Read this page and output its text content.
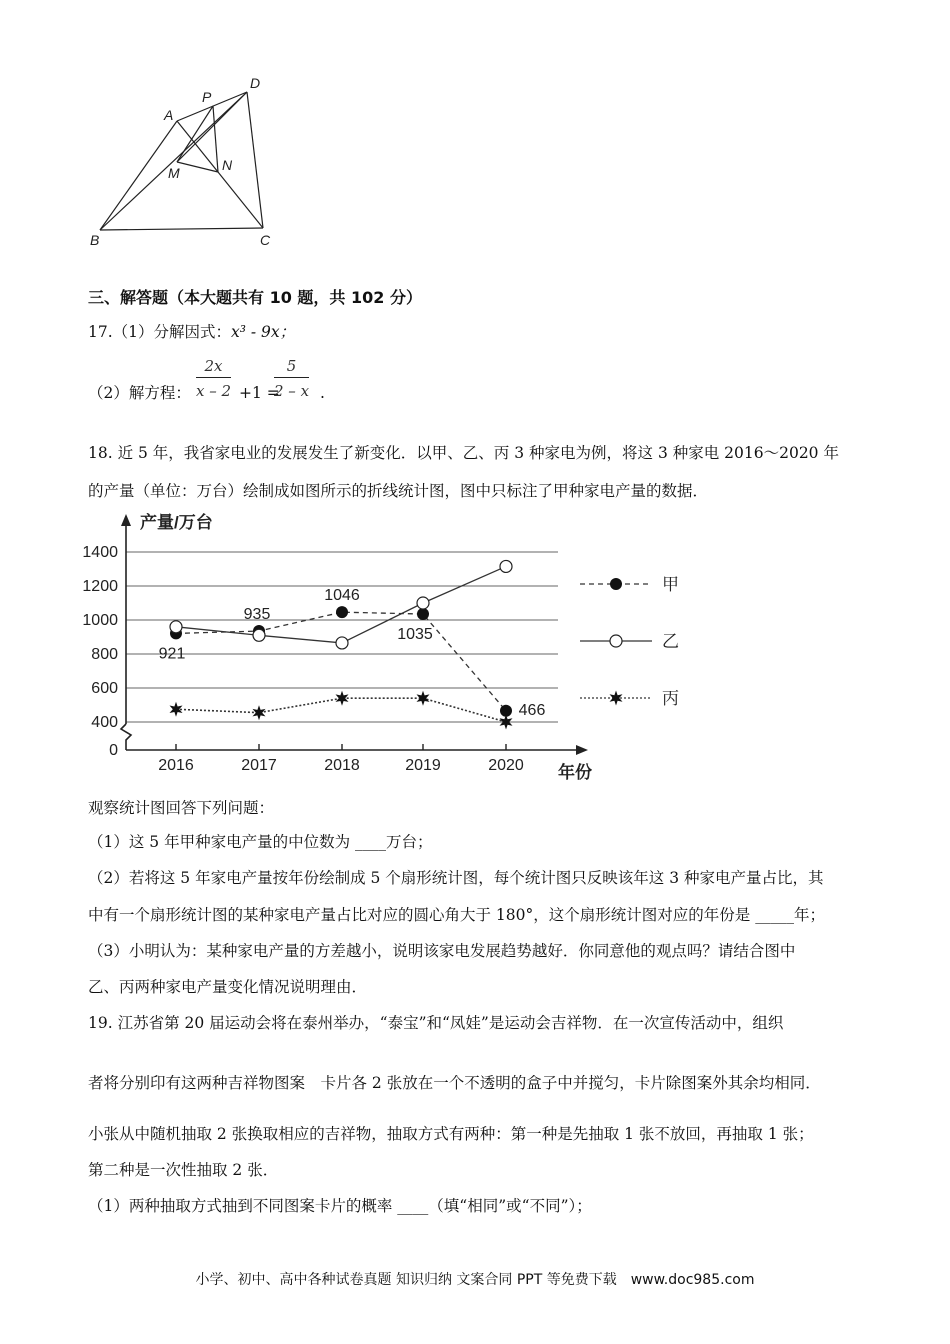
A
P
D
M	N
B	C
三、解答题（本大题共有 10 题，共 102 分）
17.（1）分解因式：x³ - 9x；
（2）解方程： $\frac{2x}{x - 2} +1$ =
$\frac{5}{2 - x}$ .
18. 近 5 年，我省家电业的发展发生了新变化．以甲、乙、丙 3 种家电为例，将这 3 种家电 2016～2020 年
的产量（单位：万台）绘制成如图所示的折线统计图，图中只标注了甲种家电产量的数据．
0
400
600
800
1000
1200
1400
2016	2017	2018	2019	2020
产量/万台
年份
921
935
1046
1035
466
甲
乙
丙
观察统计图回答下列问题：
（1）这 5 年甲种家电产量的中位数为 ____万台；
（2）若将这 5 年家电产量按年份绘制成 5 个扇形统计图，每个统计图只反映该年这 3 种家电产量占比，其
中有一个扇形统计图的某种家电产量占比对应的圆心角大于 180°，这个扇形统计图对应的年份是 _____年；
（3）小明认为：某种家电产量的方差越小，说明该家电发展趋势越好．你同意他的观点吗？请结合图中
乙、丙两种家电产量变化情况说明理由．
19. 江苏省第 20 届运动会将在泰州举办，“泰宝”和“凤娃”是运动会吉祥物．在一次宣传活动中，组织
者将分别印有这两种吉祥物图案　卡片各 2 张放在一个不透明的盒子中并搅匀，卡片除图案外其余均相同．
小张从中随机抽取 2 张换取相应的吉祥物，抽取方式有两种：第一种是先抽取 1 张不放回，再抽取 1 张；
第二种是一次性抽取 2 张．
（1）两种抽取方式抽到不同图案卡片的概率 ____（填“相同”或“不同”）；
小学、初中、高中各种试卷真题 知识归纳 文案合同 PPT 等免费下载　www.doc985.com
